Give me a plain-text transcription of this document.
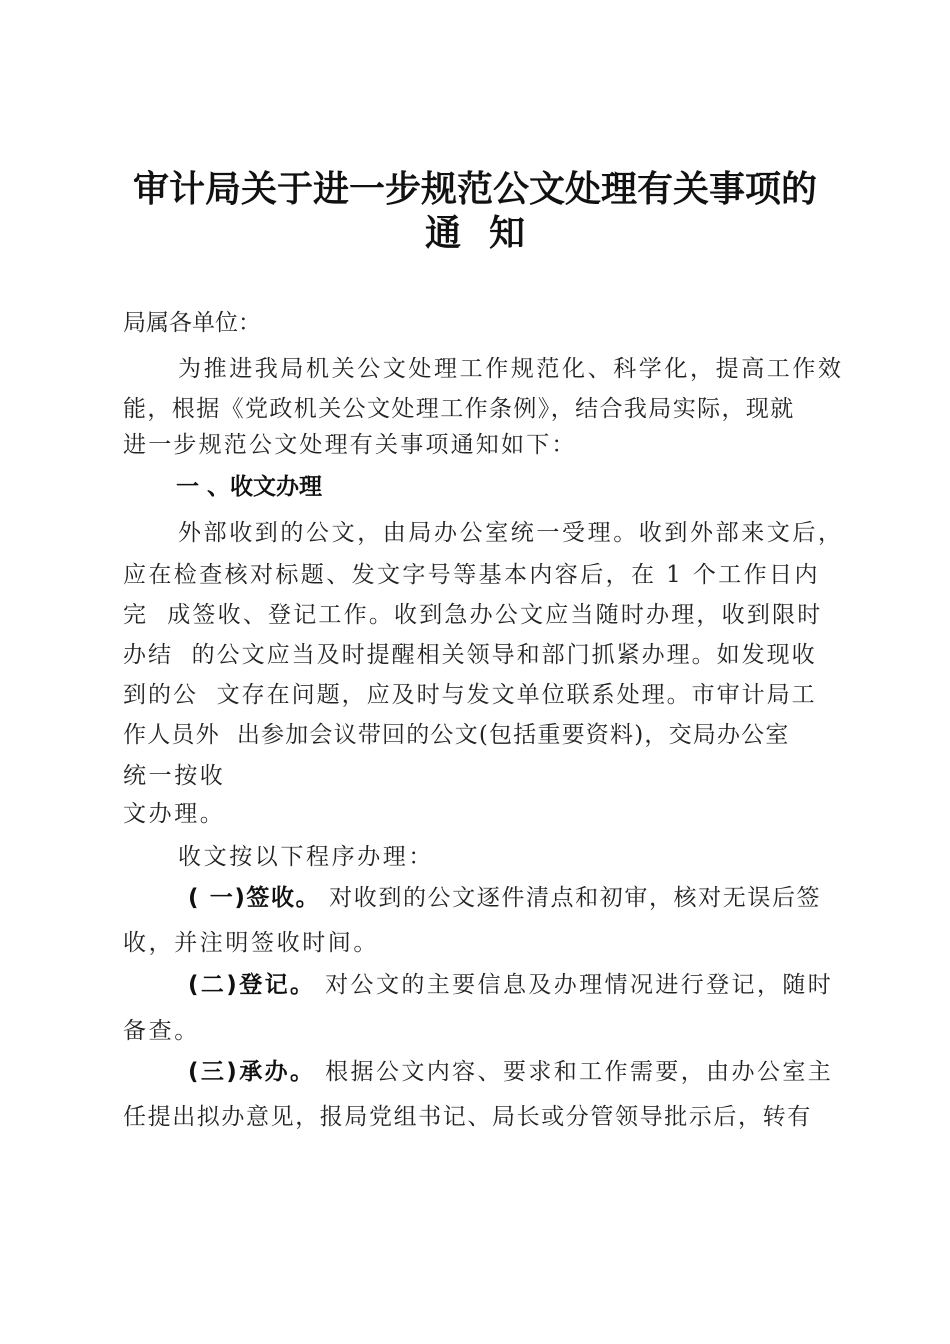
审计局关于进一步规范公文处理有关事项的
通知

局属各单位：

为推进我局机关公文处理工作规范化、科学化，提高工作效

能，根据《党政机关公文处理工作条例》，结合我局实际，现就

进一步规范公文处理有关事项通知如下：

一 、收文办理

外部收到的公文，由局办公室统一受理。收到外部来文后，

应在检查核对标题、发文字号等基本内容后，在 1 个工作日内

完  成签收、登记工作。收到急办公文应当随时办理，收到限时

办结  的公文应当及时提醒相关领导和部门抓紧办理。如发现收

到的公  文存在问题，应及时与发文单位联系处理。市审计局工

作人员外  出参加会议带回的公文(包括重要资料)，交局办公室

统一按收

文办理。

收文按以下程序办理：

( 一)签收。 对收到的公文逐件清点和初审，核对无误后签

收，并注明签收时间。

(二)登记。 对公文的主要信息及办理情况进行登记，随时

备查。

(三)承办。 根据公文内容、要求和工作需要，由办公室主

任提出拟办意见，报局党组书记、局长或分管领导批示后，转有
